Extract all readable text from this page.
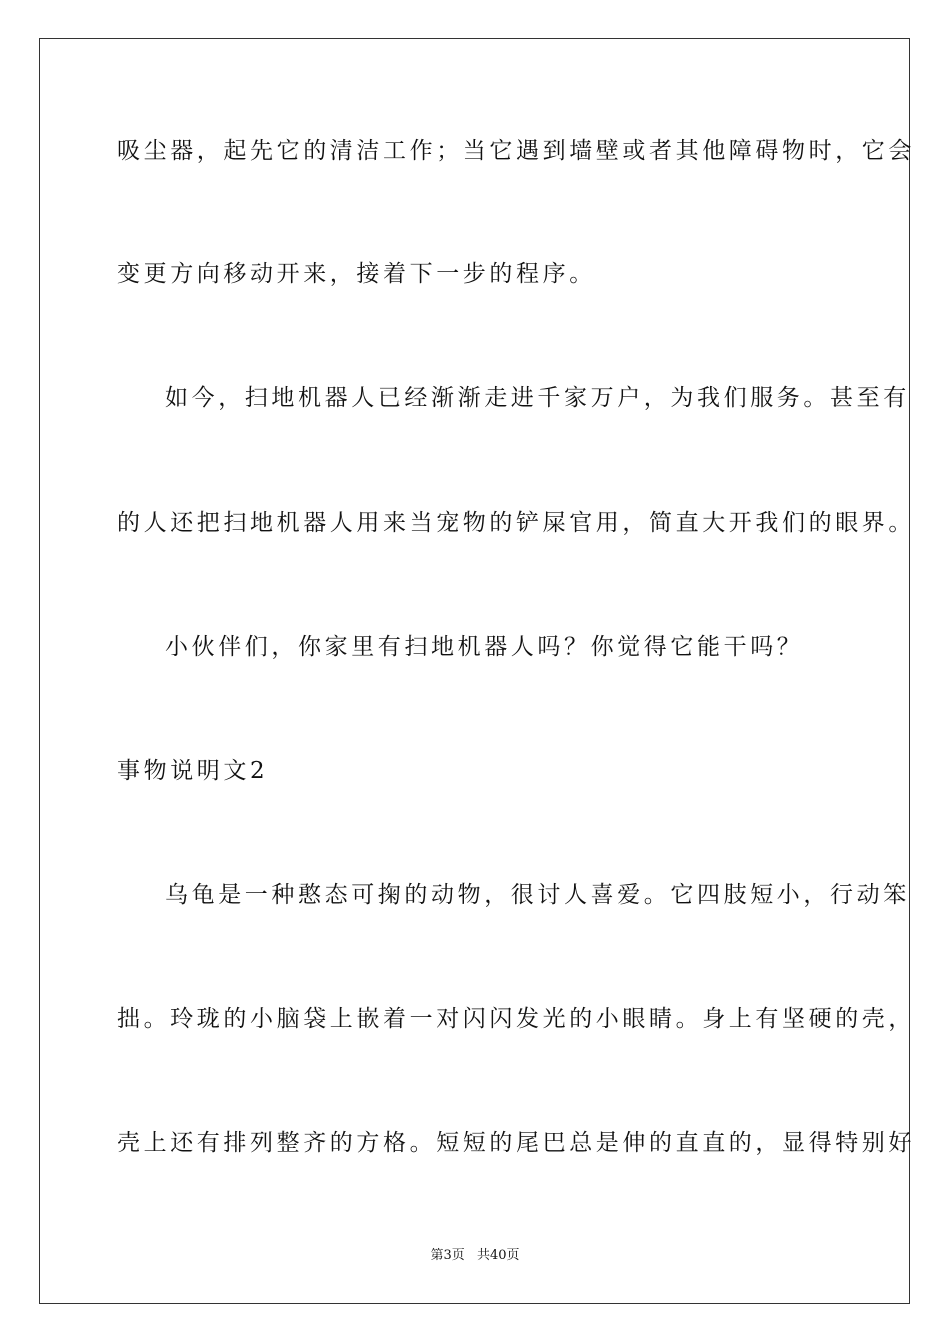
吸尘器，起先它的清洁工作；当它遇到墙壁或者其他障碍物时，它会
变更方向移动开来，接着下一步的程序。
如今，扫地机器人已经渐渐走进千家万户，为我们服务。甚至有
的人还把扫地机器人用来当宠物的铲屎官用，简直大开我们的眼界。
小伙伴们，你家里有扫地机器人吗？你觉得它能干吗？
事物说明文2
乌龟是一种憨态可掬的动物，很讨人喜爱。它四肢短小，行动笨
拙。玲珑的小脑袋上嵌着一对闪闪发光的小眼睛。身上有坚硬的壳，
壳上还有排列整齐的方格。短短的尾巴总是伸的直直的，显得特别好
第3页 共40页
